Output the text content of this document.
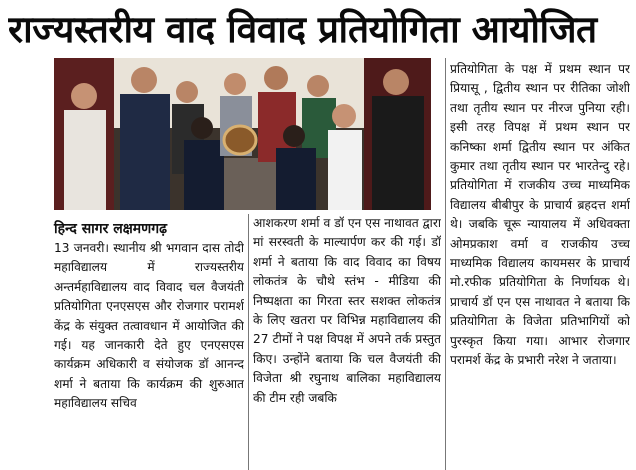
राज्यस्तरीय वाद विवाद प्रतियोगिता आयोजित
हिन्द सागर लक्षमणगढ़

13 जनवरी। स्थानीय श्री भगवान दास तोदी महाविद्यालय में राज्यस्तरीय अन्तर्महाविद्यालय वाद विवाद चल वैजयंती प्रतियोगिता एनएसएस और रोजगार परामर्श केंद्र के संयुक्त तत्वावधान में आयोजित की गई। यह जानकारी देते हुए एनएसएस कार्यक्रम अधिकारी व संयोजक डॉ आनन्द शर्मा ने बताया कि कार्यक्रम की शुरुआत महाविद्यालय सचिव

आशकरण शर्मा व डॉ एन एस नाथावत द्वारा मां सरस्वती के माल्यार्पण कर की गई। डॉ शर्मा ने बताया कि वाद विवाद का विषय लोकतंत्र के चौथे स्तंभ - मीडिया की निष्पक्षता का गिरता स्तर सशक्त लोकतंत्र के लिए खतरा पर विभिन्न महाविद्यालय की 27 टीमों ने पक्ष विपक्ष में अपने तर्क प्रस्तुत किए। उन्होंने बताया कि चल वैजयंती की विजेता श्री रघुनाथ बालिका महाविद्यालय की टीम रही जबकि

प्रतियोगिता के पक्ष में प्रथम स्थान पर प्रियासू , द्वितीय स्थान पर रीतिका जोशी तथा तृतीय स्थान पर नीरज पुनिया रही। इसी तरह विपक्ष में प्रथम स्थान पर कनिष्का शर्मा द्वितीय स्थान पर अंकित कुमार तथा तृतीय स्थान पर भारतेन्दु रहे। प्रतियोगिता में राजकीय उच्च माध्यमिक विद्यालय बीबीपुर के प्राचार्य ब्रहदत्त शर्मा थे। जबकि चूरू न्यायालय में अधिवक्ता ओमप्रकाश वर्मा व राजकीय उच्च माध्यमिक विद्यालय कायमसर के प्राचार्य मो.रफीक प्रतियोगिता के निर्णायक थे। प्राचार्य डॉ एन एस नाथावत ने बताया कि प्रतियोगिता के विजेता प्रतिभागियों को पुरस्कृत किया गया। आभार रोजगार परामर्श केंद्र के प्रभारी नरेश ने जताया।
